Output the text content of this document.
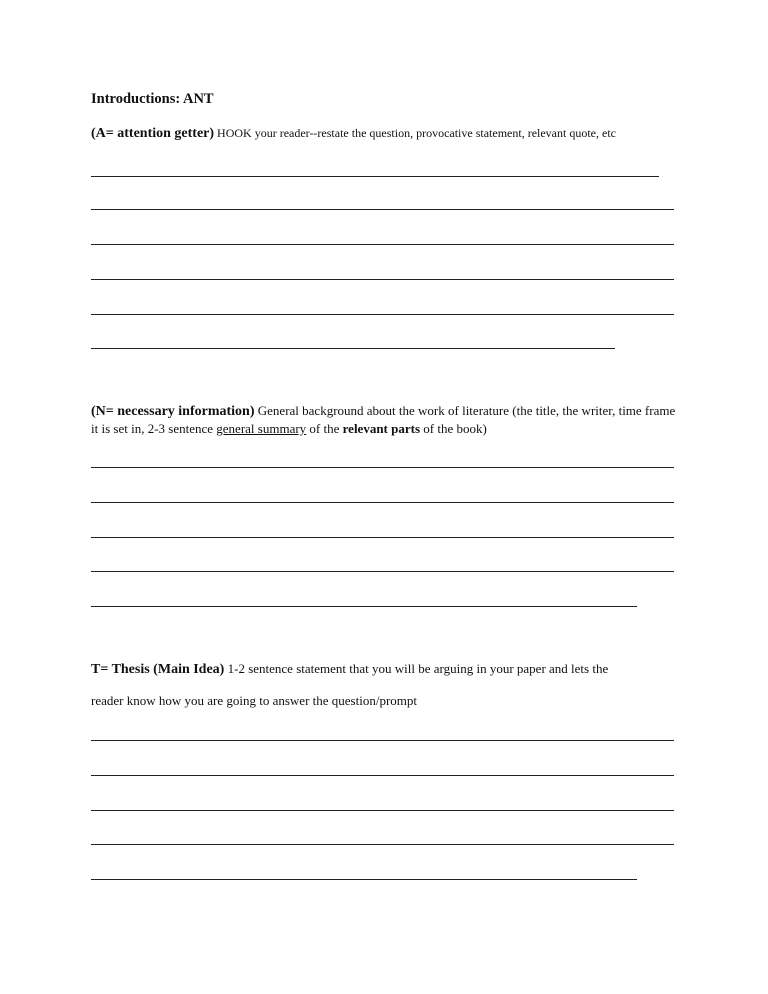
Introductions: ANT
(A= attention getter) HOOK your reader--restate the question, provocative statement, relevant quote, etc
(N= necessary information) General background about the work of literature (the title, the writer, time frame it is set in, 2-3 sentence general summary of the relevant parts of the book)
T= Thesis (Main Idea) 1-2 sentence statement that you will be arguing in your paper and lets the
reader know how you are going to answer the question/prompt
